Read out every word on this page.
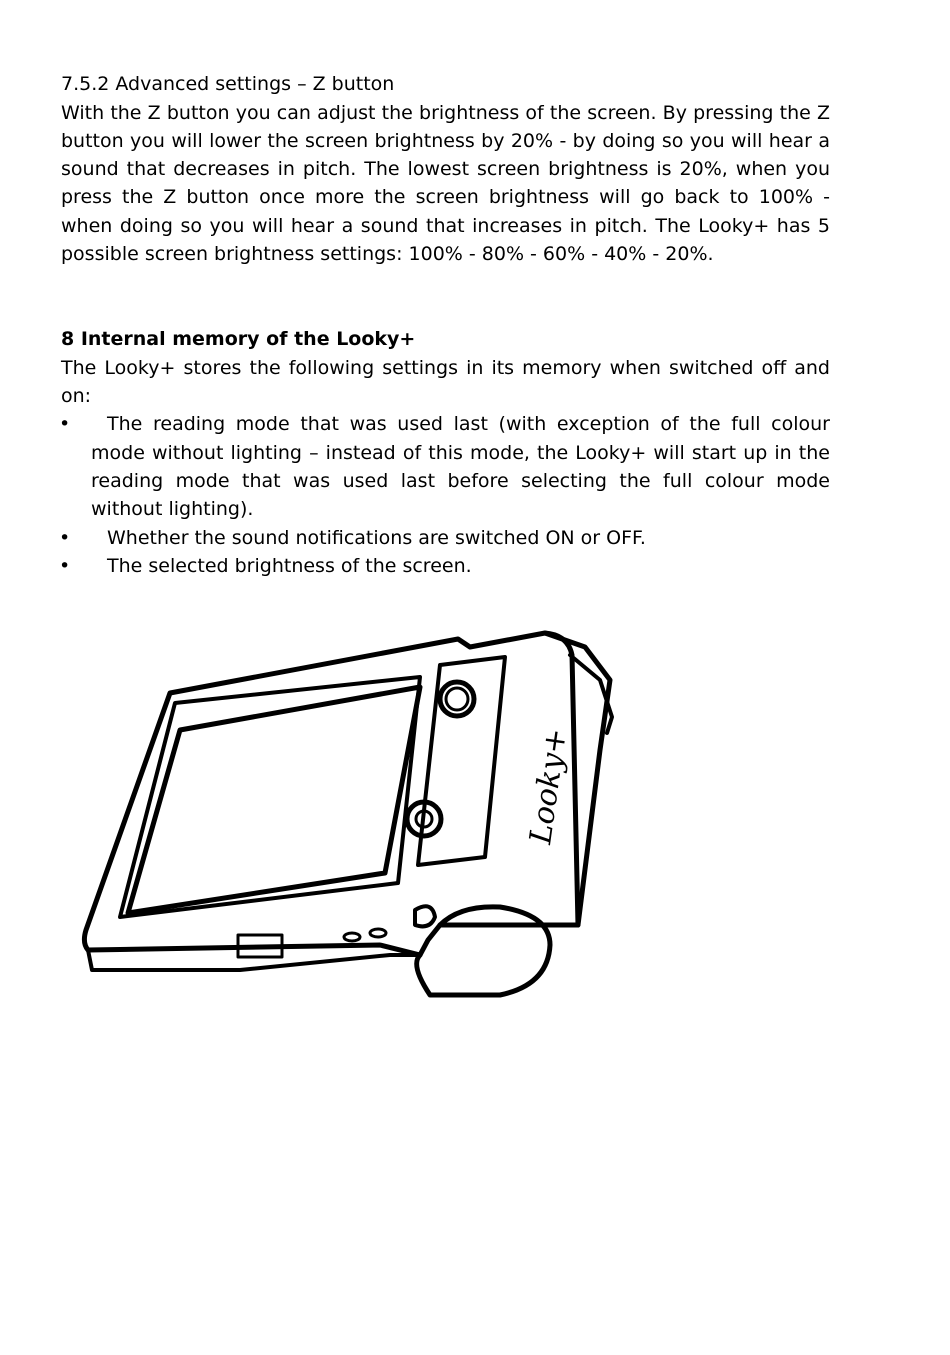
7.5.2 Advanced settings – Z button

With the Z button you can adjust the brightness of the screen. By pressing the Z button you will lower the screen brightness by 20% - by doing so you will hear a sound that decreases in pitch. The lowest screen brightness is 20%, when you press the Z button once more the screen brightness will go back to 100% - when doing so you will hear a sound that increases in pitch. The Looky+ has 5 possible screen brightness settings: 100% - 80% - 60% - 40% - 20%.

8 Internal memory of the Looky+

The Looky+ stores the following settings in its memory when switched off and on:

• The reading mode that was used last (with exception of the full colour mode without lighting – instead of this mode, the Looky+ will start up in the reading mode that was used last before selecting the full colour mode without lighting).
• Whether the sound notifications are switched ON or OFF.
• The selected brightness of the screen.
Looky+
